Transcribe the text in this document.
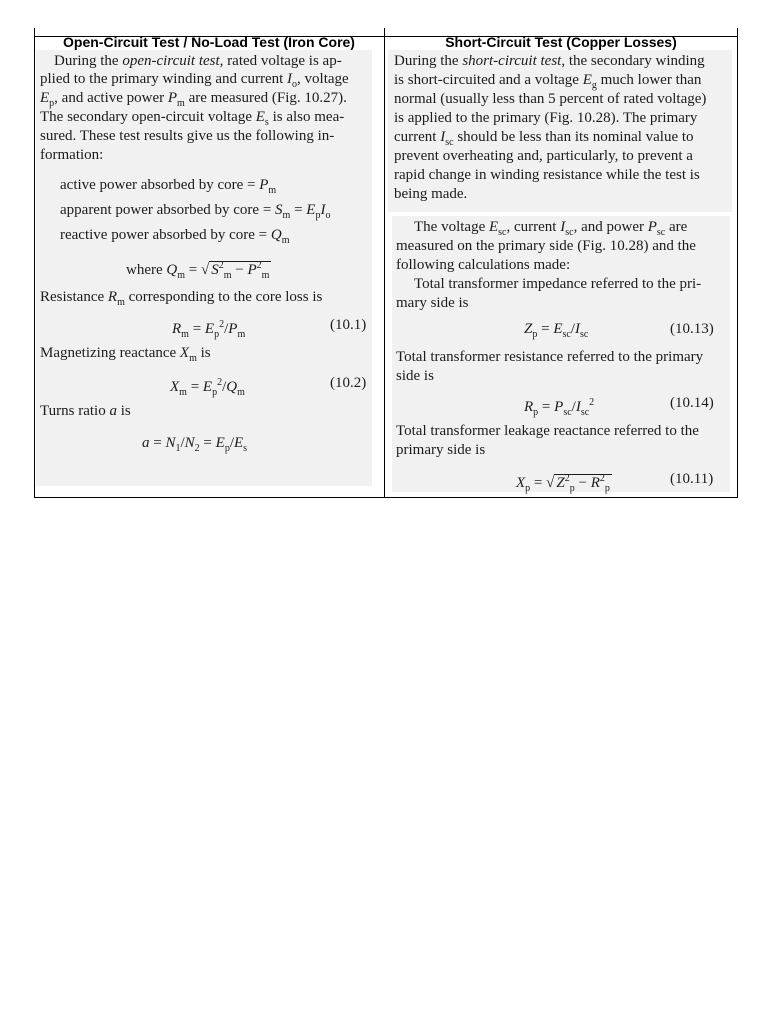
Open-Circuit Test / No-Load Test (Iron Core)	Short-Circuit Test (Copper Losses)
During the open-circuit test, rated voltage is ap-
plied to the primary winding and current $I_o$, voltage
$E_p$, and active power $P_m$ are measured (Fig. 10.27).
The secondary open-circuit voltage $E_s$ is also mea-
sured. These test results give us the following in-
formation:
active power absorbed by core = $P_m$
apparent power absorbed by core = $S_m = E_pI_o$
reactive power absorbed by core = $Q_m$
where $Q_m$ = √ $S^2_m - P^2_m$
Resistance $R_m$ corresponding to the core loss is
$R_m = E_p^2/P_m$
(10.1)
Magnetizing reactance $X_m$ is
$X_m = E_p^2/Q_m$
(10.2)
Turns ratio a is
$a = N_1/N_2 = E_p/E_s$
During the short-circuit test, the secondary winding
is short-circuited and a voltage $E_g$ much lower than
normal (usually less than 5 percent of rated voltage)
is applied to the primary (Fig. 10.28). The primary
current $I_{sc}$ should be less than its nominal value to
prevent overheating and, particularly, to prevent a
rapid change in winding resistance while the test is
being made.
The voltage $E_{sc}$, current $I_{sc}$, and power $P_{sc}$ are
measured on the primary side (Fig. 10.28) and the
following calculations made:
Total transformer impedance referred to the pri-
mary side is
$Z_p = E_{sc}/I_{sc}$	(10.13)
Total transformer resistance referred to the primary
side is
$R_p = P_{sc}/I_{sc}^2$	(10.14)
Total transformer leakage reactance referred to the
primary side is
$X_p$ = √ $Z^2_p - R^2_p$
(10.11)
